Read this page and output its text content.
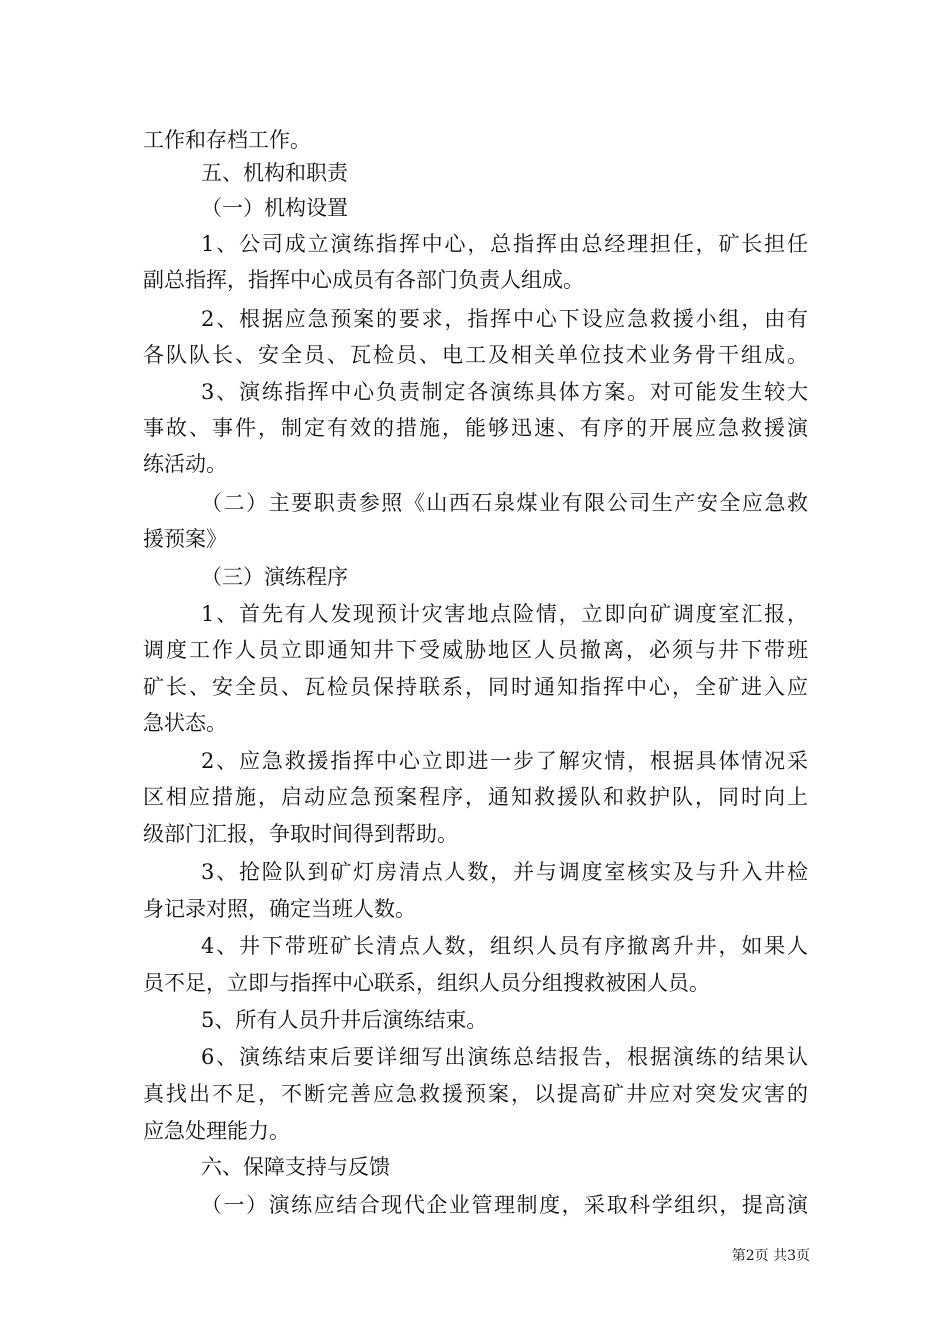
工作和存档工作。
五、机构和职责
（一）机构设置
1、公司成立演练指挥中心，总指挥由总经理担任，矿长担任
副总指挥，指挥中心成员有各部门负责人组成。
2、根据应急预案的要求，指挥中心下设应急救援小组，由有
各队队长、安全员、瓦检员、电工及相关单位技术业务骨干组成。
3、演练指挥中心负责制定各演练具体方案。对可能发生较大
事故、事件，制定有效的措施，能够迅速、有序的开展应急救援演
练活动。
（二）主要职责参照《山西石泉煤业有限公司生产安全应急救
援预案》
（三）演练程序
1、首先有人发现预计灾害地点险情，立即向矿调度室汇报，
调度工作人员立即通知井下受威胁地区人员撤离，必须与井下带班
矿长、安全员、瓦检员保持联系，同时通知指挥中心，全矿进入应
急状态。
2、应急救援指挥中心立即进一步了解灾情，根据具体情况采
区相应措施，启动应急预案程序，通知救援队和救护队，同时向上
级部门汇报，争取时间得到帮助。
3、抢险队到矿灯房清点人数，并与调度室核实及与升入井检
身记录对照，确定当班人数。
4、井下带班矿长清点人数，组织人员有序撤离升井，如果人
员不足，立即与指挥中心联系，组织人员分组搜救被困人员。
5、所有人员升井后演练结束。
6、演练结束后要详细写出演练总结报告，根据演练的结果认
真找出不足，不断完善应急救援预案，以提高矿井应对突发灾害的
应急处理能力。
六、保障支持与反馈
（一）演练应结合现代企业管理制度，采取科学组织，提高演
第2页 共3页
